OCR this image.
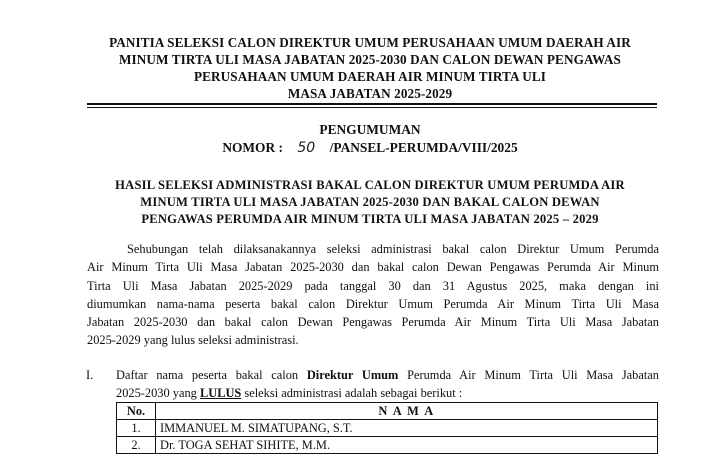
PANITIA SELEKSI CALON DIREKTUR UMUM PERUSAHAAN UMUM DAERAH AIR
MINUM TIRTA ULI MASA JABATAN 2025-2030 DAN CALON DEWAN PENGAWAS
PERUSAHAAN UMUM DAERAH AIR MINUM TIRTA ULI
MASA JABATAN 2025-2029
PENGUMUMAN
NOMOR : 50 /PANSEL-PERUMDA/VIII/2025
HASIL SELEKSI ADMINISTRASI BAKAL CALON DIREKTUR UMUM PERUMDA AIR
MINUM TIRTA ULI MASA JABATAN 2025-2030 DAN BAKAL CALON DEWAN
PENGAWAS PERUMDA AIR MINUM TIRTA ULI MASA JABATAN 2025 – 2029
Sehubungan telah dilaksanakannya seleksi administrasi bakal calon Direktur Umum Perumda
Air Minum Tirta Uli Masa Jabatan 2025-2030 dan bakal calon Dewan Pengawas Perumda Air Minum
Tirta Uli Masa Jabatan 2025-2029 pada tanggal 30 dan 31 Agustus 2025, maka dengan ini
diumumkan nama-nama peserta bakal calon Direktur Umum Perumda Air Minum Tirta Uli Masa
Jabatan 2025-2030 dan bakal calon Dewan Pengawas Perumda Air Minum Tirta Uli Masa Jabatan
2025-2029 yang lulus seleksi administrasi.
I. Daftar nama peserta bakal calon Direktur Umum Perumda Air Minum Tirta Uli Masa Jabatan
2025-2030 yang LULUS seleksi administrasi adalah sebagai berikut :
No.	N A M A
1.	IMMANUEL M. SIMATUPANG, S.T.
2.	Dr. TOGA SEHAT SIHITE, M.M.
